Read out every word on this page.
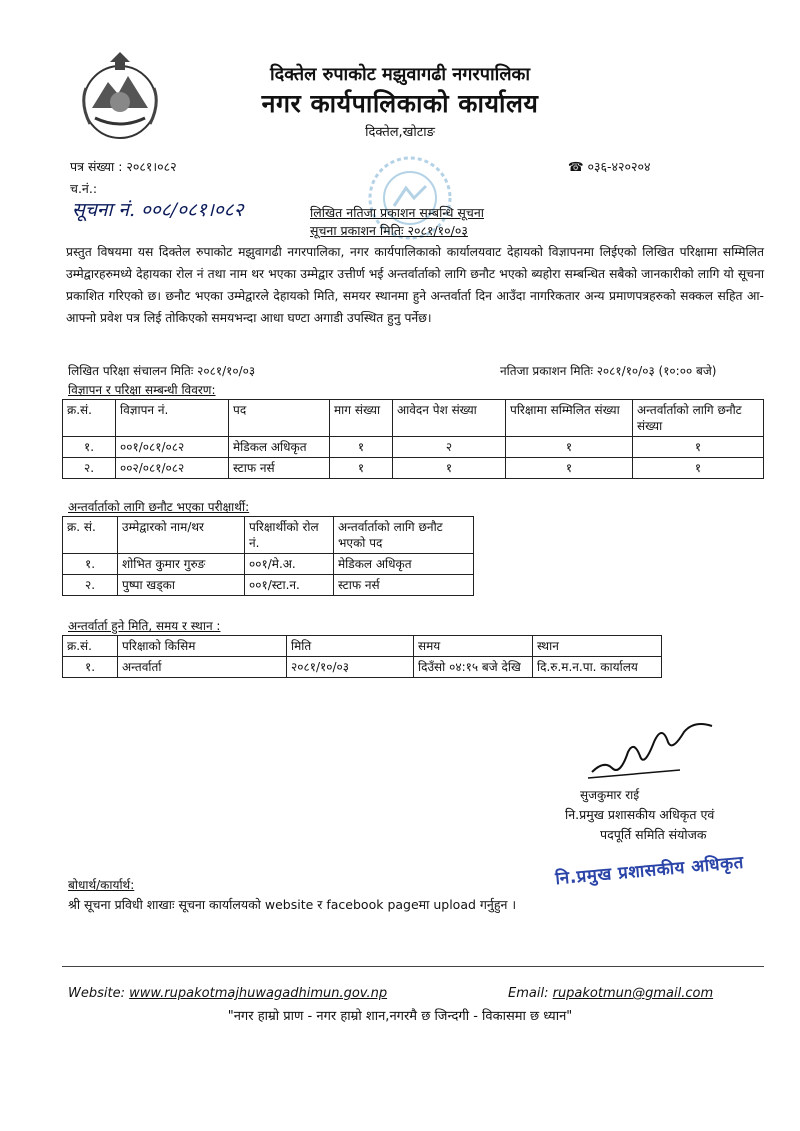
दिक्तेल रुपाकोट मझुवागढी नगरपालिका
नगर कार्यपालिकाको कार्यालय
दिक्तेल,खोटाङ
पत्र संख्या : २०८१।०८२	☎ ०३६-४२०२०४
च.नं.:
सूचना नं. ००८/०८१।०८२	लिखित नतिजा प्रकाशन सम्बन्धि सूचना
सूचना प्रकाशन मितिः २०८१/१०/०३
प्रस्तुत विषयमा यस दिक्तेल रुपाकोट मझुवागढी नगरपालिका, नगर कार्यपालिकाको कार्यालयवाट देहायको विज्ञापनमा लिईएको लिखित परिक्षामा सम्मिलित उम्मेद्वारहरुमध्ये देहायका रोल नं तथा नाम थर भएका उम्मेद्वार उत्तीर्ण भई अन्तर्वार्ताको लागि छनौट भएको ब्यहोरा सम्बन्धित सबैको जानकारीको लागि यो सूचना प्रकाशित गरिएको छ। छनौट भएका उम्मेद्वारले देहायको मिति, समयर स्थानमा हुने अन्तर्वार्ता दिन आउँदा नागरिकतार अन्य प्रमाणपत्रहरुको सक्कल सहित आ- आफ्नो प्रवेश पत्र लिई तोकिएको समयभन्दा आधा घण्टा अगाडी उपस्थित हुनु पर्नेछ।
लिखित परिक्षा संचालन मितिः २०८१/१०/०३	नतिजा प्रकाशन मितिः २०८१/१०/०३ (१०:०० बजे)
विज्ञापन र परिक्षा सम्बन्धी विवरण:
क्र.सं.	विज्ञापन नं.	पद	माग संख्या	आवेदन पेश संख्या	परिक्षामा सम्मिलित संख्या	अन्तर्वार्ताको लागि छनौट संख्या
१.	००१/०८१/०८२	मेडिकल अधिकृत	१	२	१	१
२.	००२/०८१/०८२	स्टाफ नर्स	१	१	१	१
अन्तर्वार्ताको लागि छनौट भएका परीक्षार्थी:
क्र. सं.	उम्मेद्वारको नाम/थर	परिक्षार्थीको रोल नं.	अन्तर्वार्ताको लागि छनौट भएको पद
१.	शोभित कुमार गुरुङ	००१/मे.अ.	मेडिकल अधिकृत
२.	पुष्पा खड्का	००१/स्टा.न.	स्टाफ नर्स
अन्तर्वार्ता हुने मिति, समय र स्थान :
क्र.सं.	परिक्षाको किसिम	मिति	समय	स्थान
१.	अन्तर्वार्ता	२०८१/१०/०३	दिउँसो ०४:१५ बजे देखि	दि.रु.म.न.पा. कार्यालय
सुजकुमार राई
नि.प्रमुख प्रशासकीय अधिकृत एवं
पदपूर्ति समिति संयोजक
नि.प्रमुख प्रशासकीय अधिकृत
बोधार्थ/कार्यार्थ:
श्री सूचना प्रविधी शाखाः सूचना कार्यालयको website र facebook pageमा upload गर्नुहुन ।
Website: www.rupakotmajhuwagadhimun.gov.np	Email: rupakotmun@gmail.com
"नगर हाम्रो प्राण - नगर हाम्रो शान,नगरमै छ जिन्दगी - विकासमा छ ध्यान"
